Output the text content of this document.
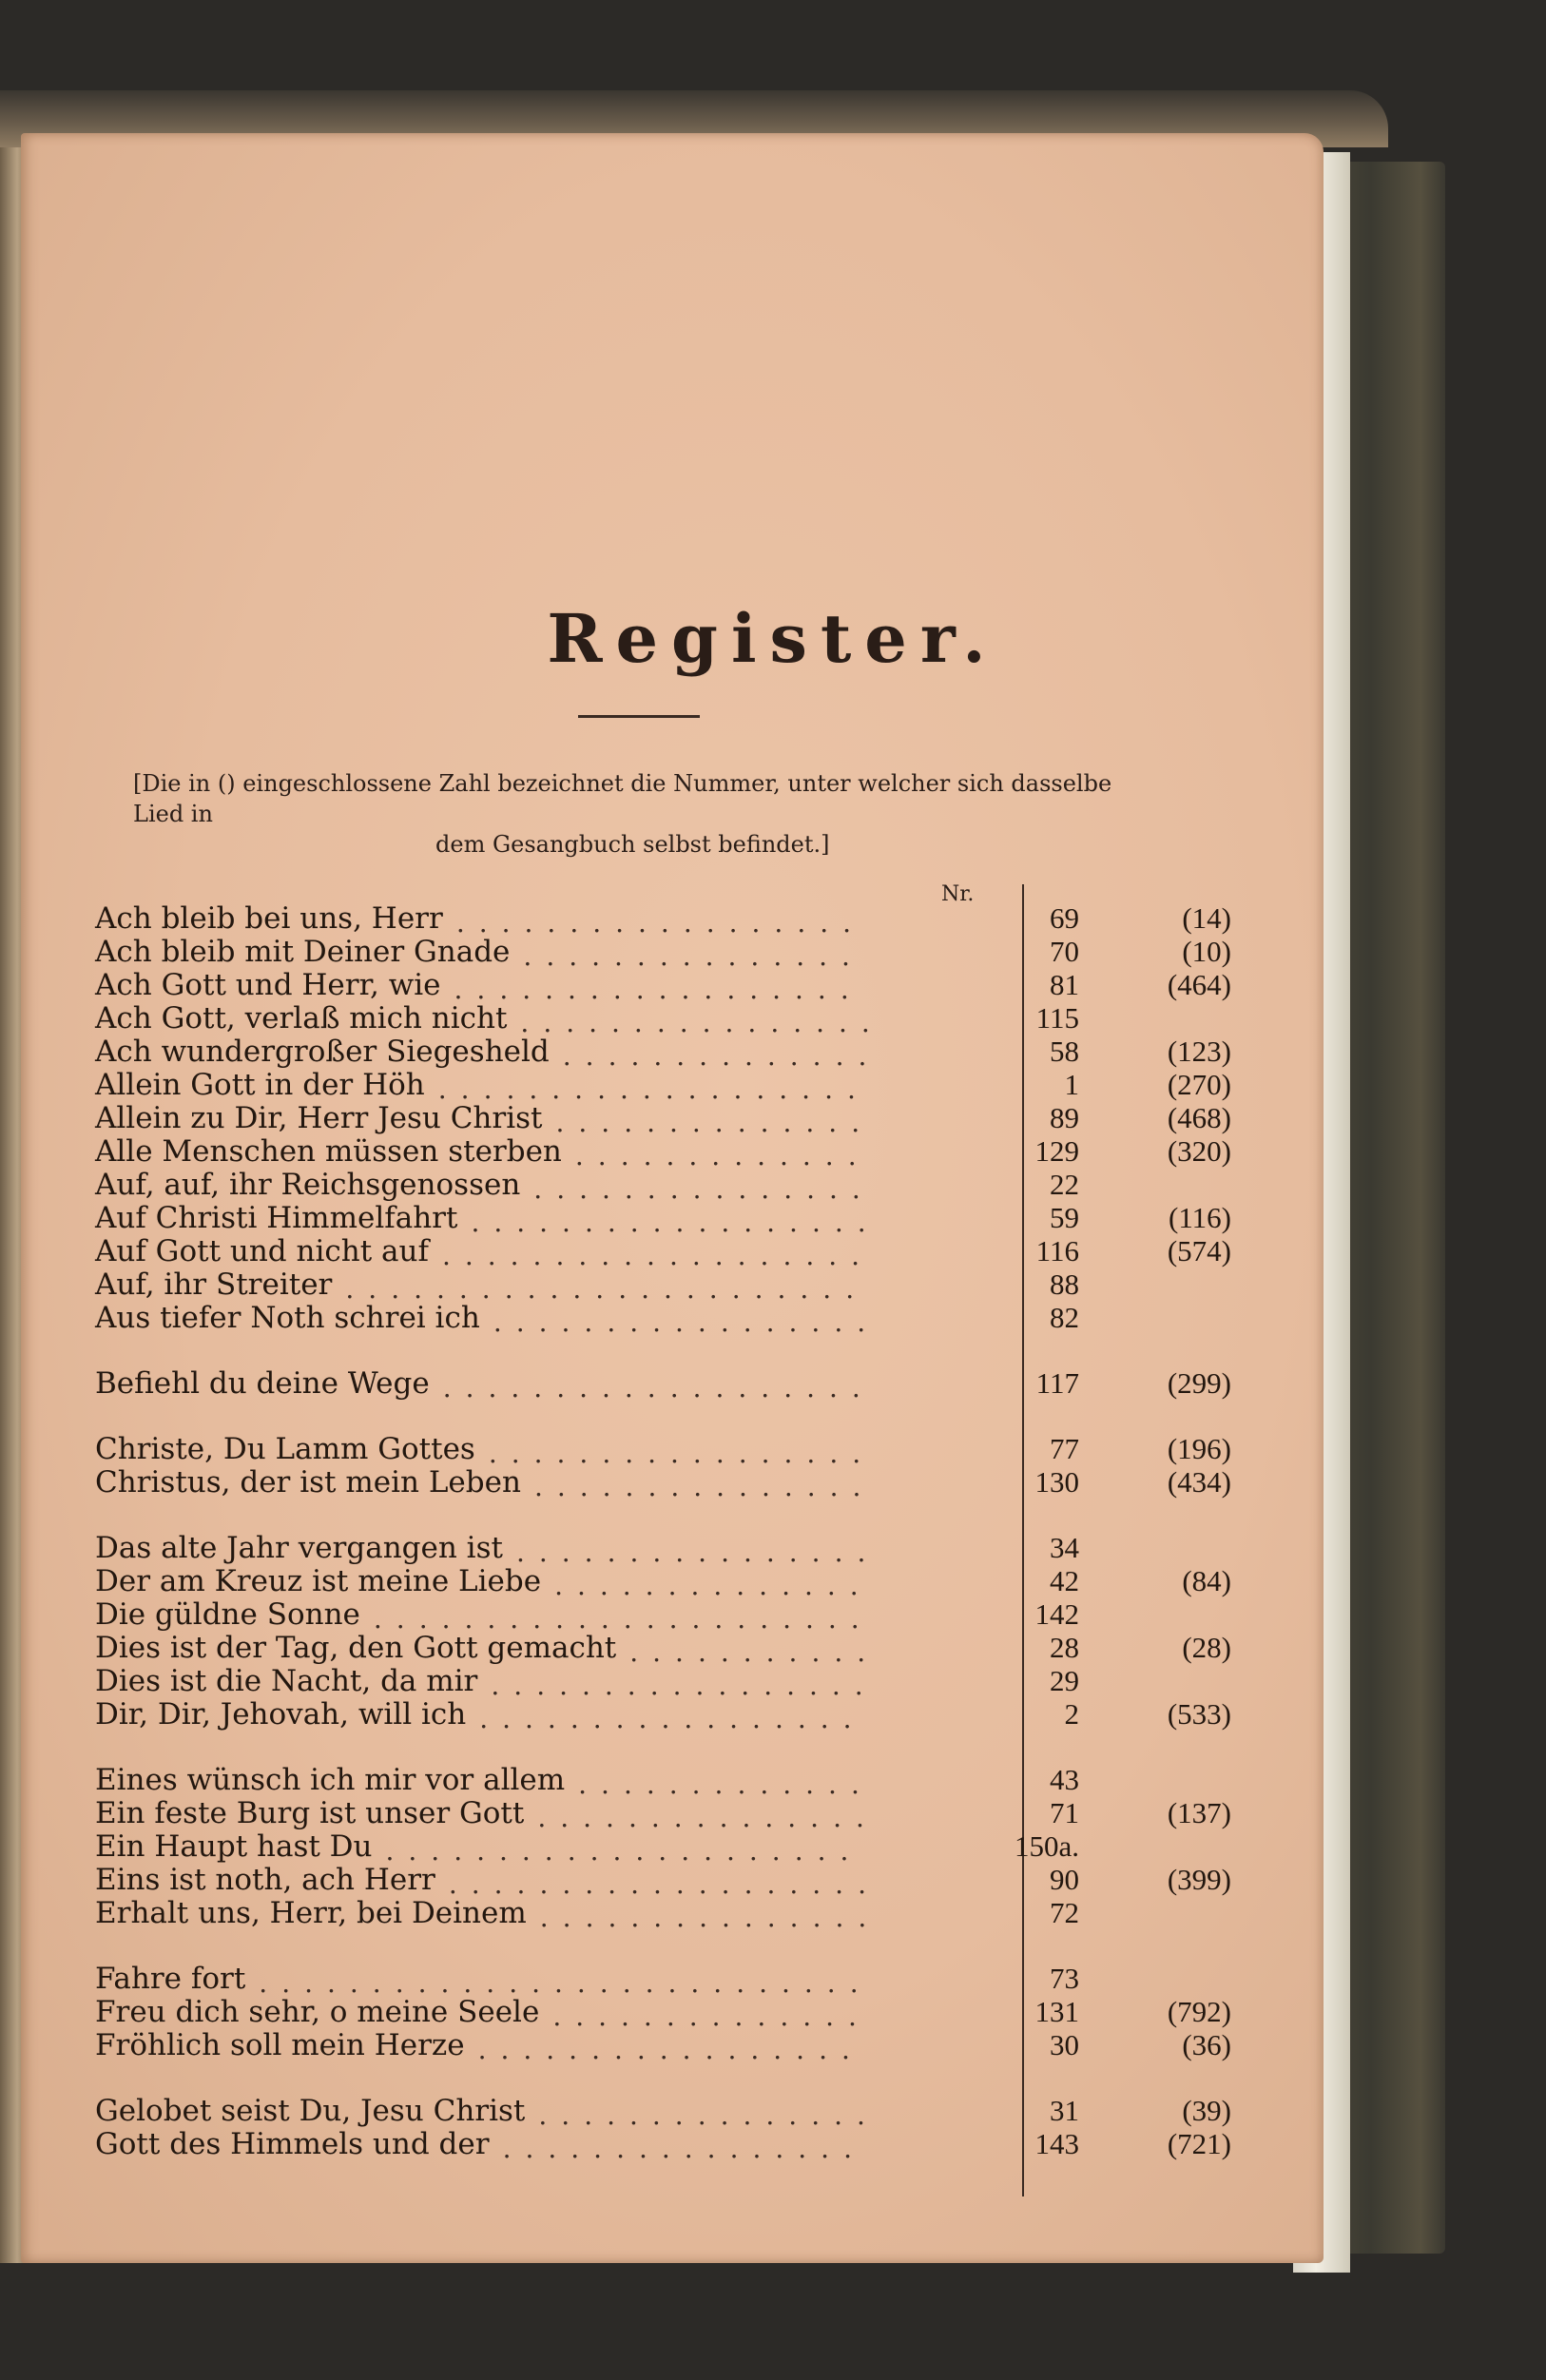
Register.
[Die in () eingeschlossene Zahl bezeichnet die Nummer, unter welcher sich dasselbe Lied in
dem Gesangbuch selbst befindet.]
Nr.
Ach bleib bei uns, Herr ..................	69	(14)
Ach bleib mit Deiner Gnade ...............	70	(10)
Ach Gott und Herr, wie ..................	81	(464)
Ach Gott, verlaß mich nicht ................	115
Ach wundergroßer Siegesheld ..............	58	(123)
Allein Gott in der Höh ...................	1	(270)
Allein zu Dir, Herr Jesu Christ ..............	89	(468)
Alle Menschen müssen sterben .............	129	(320)
Auf, auf, ihr Reichsgenossen ...............	22
Auf Christi Himmelfahrt ..................	59	(116)
Auf Gott und nicht auf ...................	116	(574)
Auf, ihr Streiter .......................	88
Aus tiefer Noth schrei ich .................	82
Befiehl du deine Wege ...................	117	(299)
Christe, Du Lamm Gottes .................	77	(196)
Christus, der ist mein Leben ...............	130	(434)
Das alte Jahr vergangen ist ................	34
Der am Kreuz ist meine Liebe ..............	42	(84)
Die güldne Sonne ......................	142
Dies ist der Tag, den Gott gemacht ...........	28	(28)
Dies ist die Nacht, da mir .................	29
Dir, Dir, Jehovah, will ich .................	2	(533)
Eines wünsch ich mir vor allem .............	43
Ein feste Burg ist unser Gott ...............	71	(137)
Ein Haupt hast Du .....................	150a.
Eins ist noth, ach Herr ...................	90	(399)
Erhalt uns, Herr, bei Deinem ...............	72
Fahre fort ...........................	73
Freu dich sehr, o meine Seele ..............	131	(792)
Fröhlich soll mein Herze .................	30	(36)
Gelobet seist Du, Jesu Christ ...............	31	(39)
Gott des Himmels und der ................	143	(721)
